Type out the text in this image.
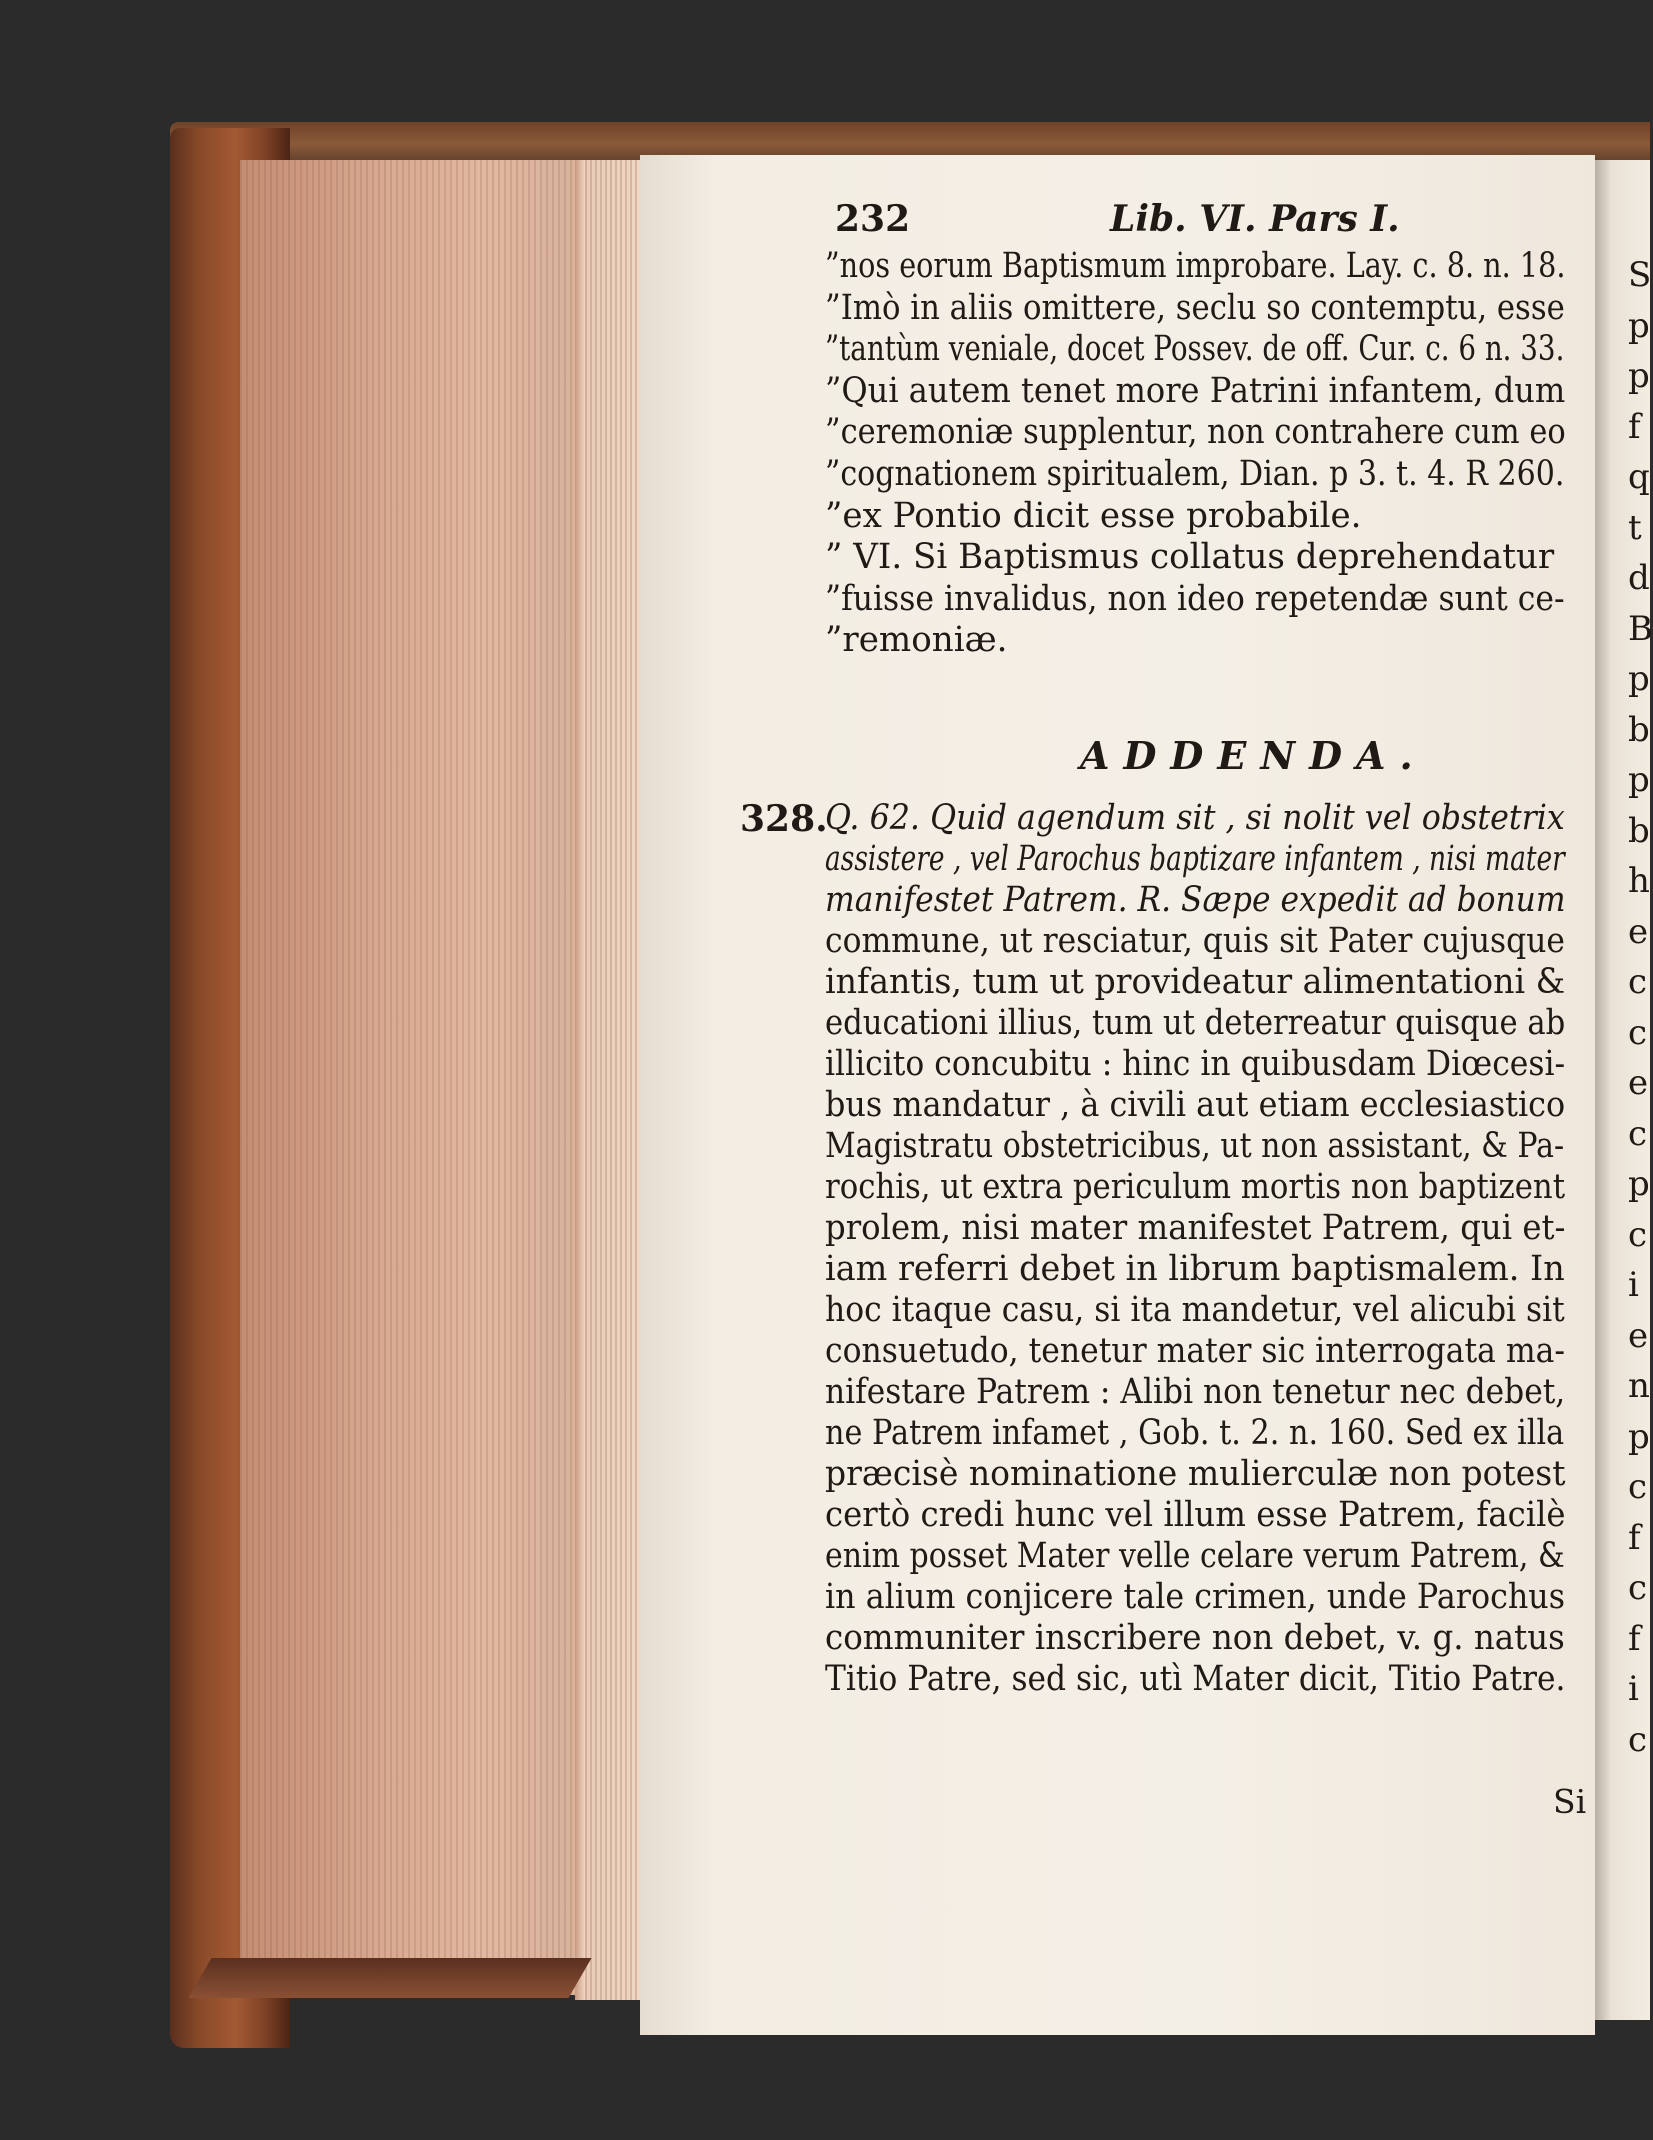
232	Lib. VI. Pars I.
”nos eorum Baptismum improbare. Lay. c. 8. n. 18.
”Imò in aliis omittere, seclu so contemptu, esse
”tantùm veniale, docet Possev. de off. Cur. c. 6 n. 33.
”Qui autem tenet more Patrini infantem, dum
”ceremoniæ supplentur, non contrahere cum eo
”cognationem spiritualem, Dian. p 3. t. 4. R 260.
”ex Pontio dicit esse probabile.
” VI. Si Baptismus collatus deprehendatur
”fuisse invalidus, non ideo repetendæ sunt ce-
”remoniæ.
ADDENDA.
Q. 62. Quid agendum sit , si nolit vel obstetrix
assistere , vel Parochus baptizare infantem , nisi mater
manifestet Patrem. R. Sæpe expedit ad bonum
commune, ut resciatur, quis sit Pater cujusque
infantis, tum ut provideatur alimentationi &
educationi illius, tum ut deterreatur quisque ab
illicito concubitu : hinc in quibusdam Diœcesi-
bus mandatur , à civili aut etiam ecclesiastico
Magistratu obstetricibus, ut non assistant, & Pa-
rochis, ut extra periculum mortis non baptizent
prolem, nisi mater manifestet Patrem, qui et-
iam referri debet in librum baptismalem. In
hoc itaque casu, si ita mandetur, vel alicubi sit
consuetudo, tenetur mater sic interrogata ma-
nifestare Patrem : Alibi non tenetur nec debet,
ne Patrem infamet , Gob. t. 2. n. 160. Sed ex illa
præcisè nominatione mulierculæ non potest
certò credi hunc vel illum esse Patrem, facilè
enim posset Mater velle celare verum Patrem, &
in alium conjicere tale crimen, unde Parochus
communiter inscribere non debet, v. g. natus
Titio Patre, sed sic, utì Mater dicit, Titio Patre.
328.
S
p
p
f
q
t
d
B
p
b
p
b
h
e
c
c
e
c
p
c
i
e
n
p
c
f
c
f
i
c
Si
